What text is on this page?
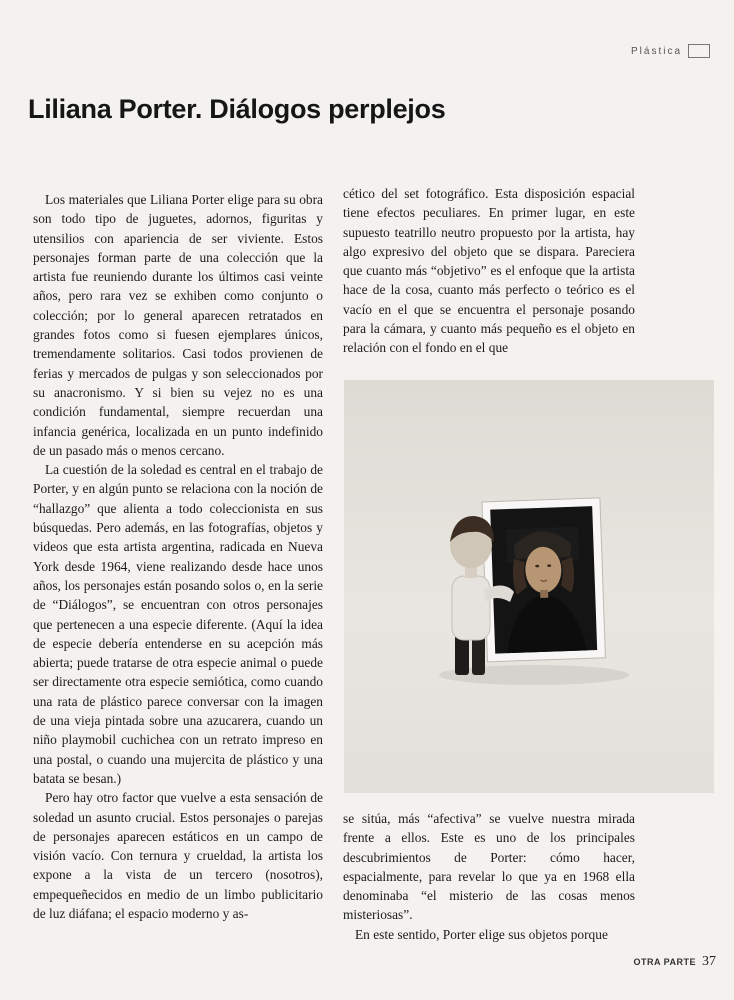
Plástica
Liliana Porter. Diálogos perplejos

Los materiales que Liliana Porter elige para su obra son todo tipo de juguetes, adornos, figuritas y utensilios con apariencia de ser viviente. Estos personajes forman parte de una colección que la artista fue reuniendo durante los últimos casi veinte años, pero rara vez se exhiben como conjunto o colección; por lo general aparecen retratados en grandes fotos como si fuesen ejemplares únicos, tremendamente solitarios. Casi todos provienen de ferias y mercados de pulgas y son seleccionados por su anacronismo. Y si bien su vejez no es una condición fundamental, siempre recuerdan una infancia genérica, localizada en un punto indefinido de un pasado más o menos cercano.

La cuestión de la soledad es central en el trabajo de Porter, y en algún punto se relaciona con la noción de “hallazgo” que alienta a todo coleccionista en sus búsquedas. Pero además, en las fotografías, objetos y videos que esta artista argentina, radicada en Nueva York desde 1964, viene realizando desde hace unos años, los personajes están posando solos o, en la serie de “Diálogos”, se encuentran con otros personajes que pertenecen a una especie diferente. (Aquí la idea de especie debería entenderse en su acepción más abierta; puede tratarse de otra especie animal o puede ser directamente otra especie semiótica, como cuando una rata de plástico parece conversar con la imagen de una vieja pintada sobre una azucarera, cuando un niño playmobil cuchichea con un retrato impreso en una postal, o cuando una mujercita de plástico y una batata se besan.)

Pero hay otro factor que vuelve a esta sensación de soledad un asunto crucial. Estos personajes o parejas de personajes aparecen estáticos en un campo de visión vacío. Con ternura y crueldad, la artista los expone a la vista de un tercero (nosotros), empequeñecidos en medio de un limbo publicitario de luz diáfana; el espacio moderno y as-

cético del set fotográfico. Esta disposición espacial tiene efectos peculiares. En primer lugar, en este supuesto teatrillo neutro propuesto por la artista, hay algo expresivo del objeto que se dispara. Pareciera que cuanto más “objetivo” es el enfoque que la artista hace de la cosa, cuanto más perfecto o teórico es el vacío en el que se encuentra el personaje posando para la cámara, y cuanto más pequeño es el objeto en relación con el fondo en el que

se sitúa, más “afectiva” se vuelve nuestra mirada frente a ellos. Este es uno de los principales descubrimientos de Porter: cómo hacer, espacialmente, para revelar lo que ya en 1968 ella denominaba “el misterio de las cosas menos misteriosas”.

En este sentido, Porter elige sus objetos porque

OTRA PARTE 37
